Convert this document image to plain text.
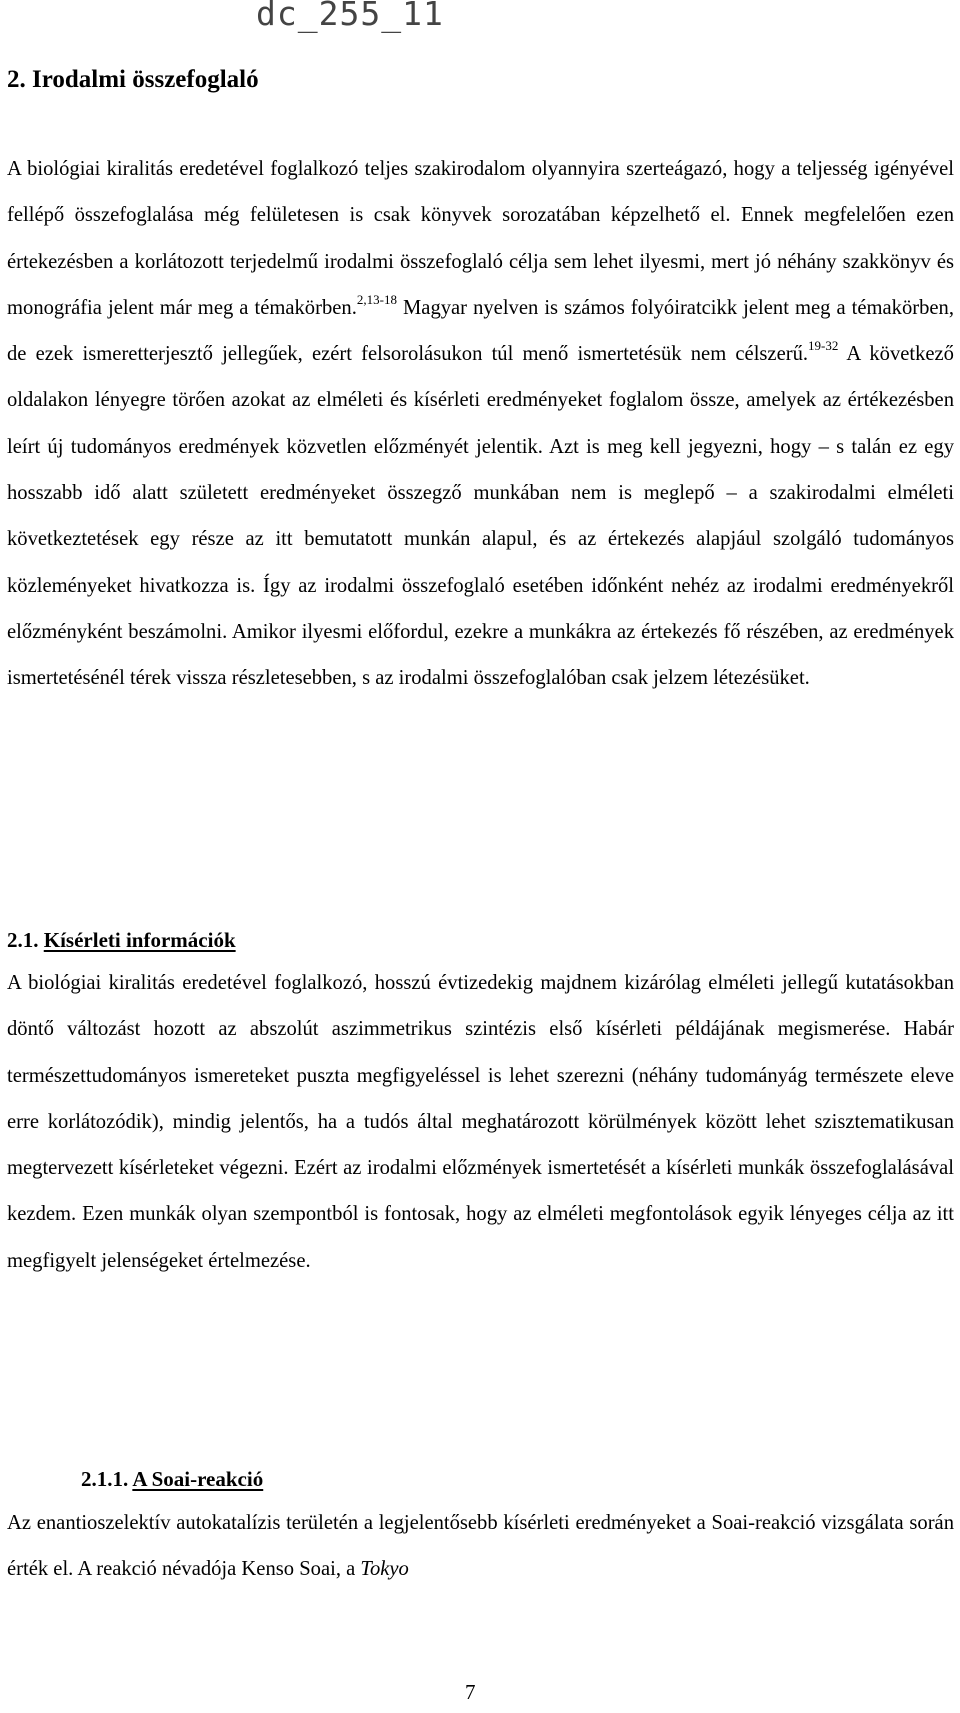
dc_255_11
2. Irodalmi összefoglaló

A biológiai kiralitás eredetével foglalkozó teljes szakirodalom olyannyira szerteágazó, hogy a teljesség igényével fellépő összefoglalása még felületesen is csak könyvek sorozatában képzelhető el. Ennek megfelelően ezen értekezésben a korlátozott terjedelmű irodalmi összefoglaló célja sem lehet ilyesmi, mert jó néhány szakkönyv és monográfia jelent már meg a témakörben.$^{2,13-18}$ Magyar nyelven is számos folyóiratcikk jelent meg a témakörben, de ezek ismeretterjesztő jellegűek, ezért felsorolásukon túl menő ismertetésük nem célszerű.$^{19-32}$ A következő oldalakon lényegre törően azokat az elméleti és kísérleti eredményeket foglalom össze, amelyek az értékezésben leírt új tudományos eredmények közvetlen előzményét jelentik. Azt is meg kell jegyezni, hogy – s talán ez egy hosszabb idő alatt született eredményeket összegző munkában nem is meglepő – a szakirodalmi elméleti következtetések egy része az itt bemutatott munkán alapul, és az értekezés alapjául szolgáló tudományos közleményeket hivatkozza is. Így az irodalmi összefoglaló esetében időnként nehéz az irodalmi eredményekről előzményként beszámolni. Amikor ilyesmi előfordul, ezekre a munkákra az értekezés fő részében, az eredmények ismertetésénél térek vissza részletesebben, s az irodalmi összefoglalóban csak jelzem létezésüket.

2.1. Kísérleti információk

A biológiai kiralitás eredetével foglalkozó, hosszú évtizedekig majdnem kizárólag elméleti jellegű kutatásokban döntő változást hozott az abszolút aszimmetrikus szintézis első kísérleti példájának megismerése. Habár természettudományos ismereteket puszta megfigyeléssel is lehet szerezni (néhány tudományág természete eleve erre korlátozódik), mindig jelentős, ha a tudós által meghatározott körülmények között lehet szisztematikusan megtervezett kísérleteket végezni. Ezért az irodalmi előzmények ismertetését a kísérleti munkák összefoglalásával kezdem. Ezen munkák olyan szempontból is fontosak, hogy az elméleti megfontolások egyik lényeges célja az itt megfigyelt jelenségeket értelmezése.

2.1.1. A Soai-reakció

Az enantioszelektív autokatalízis területén a legjelentősebb kísérleti eredményeket a Soai-reakció vizsgálata során érték el. A reakció névadója Kenso Soai, a Tokyo

7
